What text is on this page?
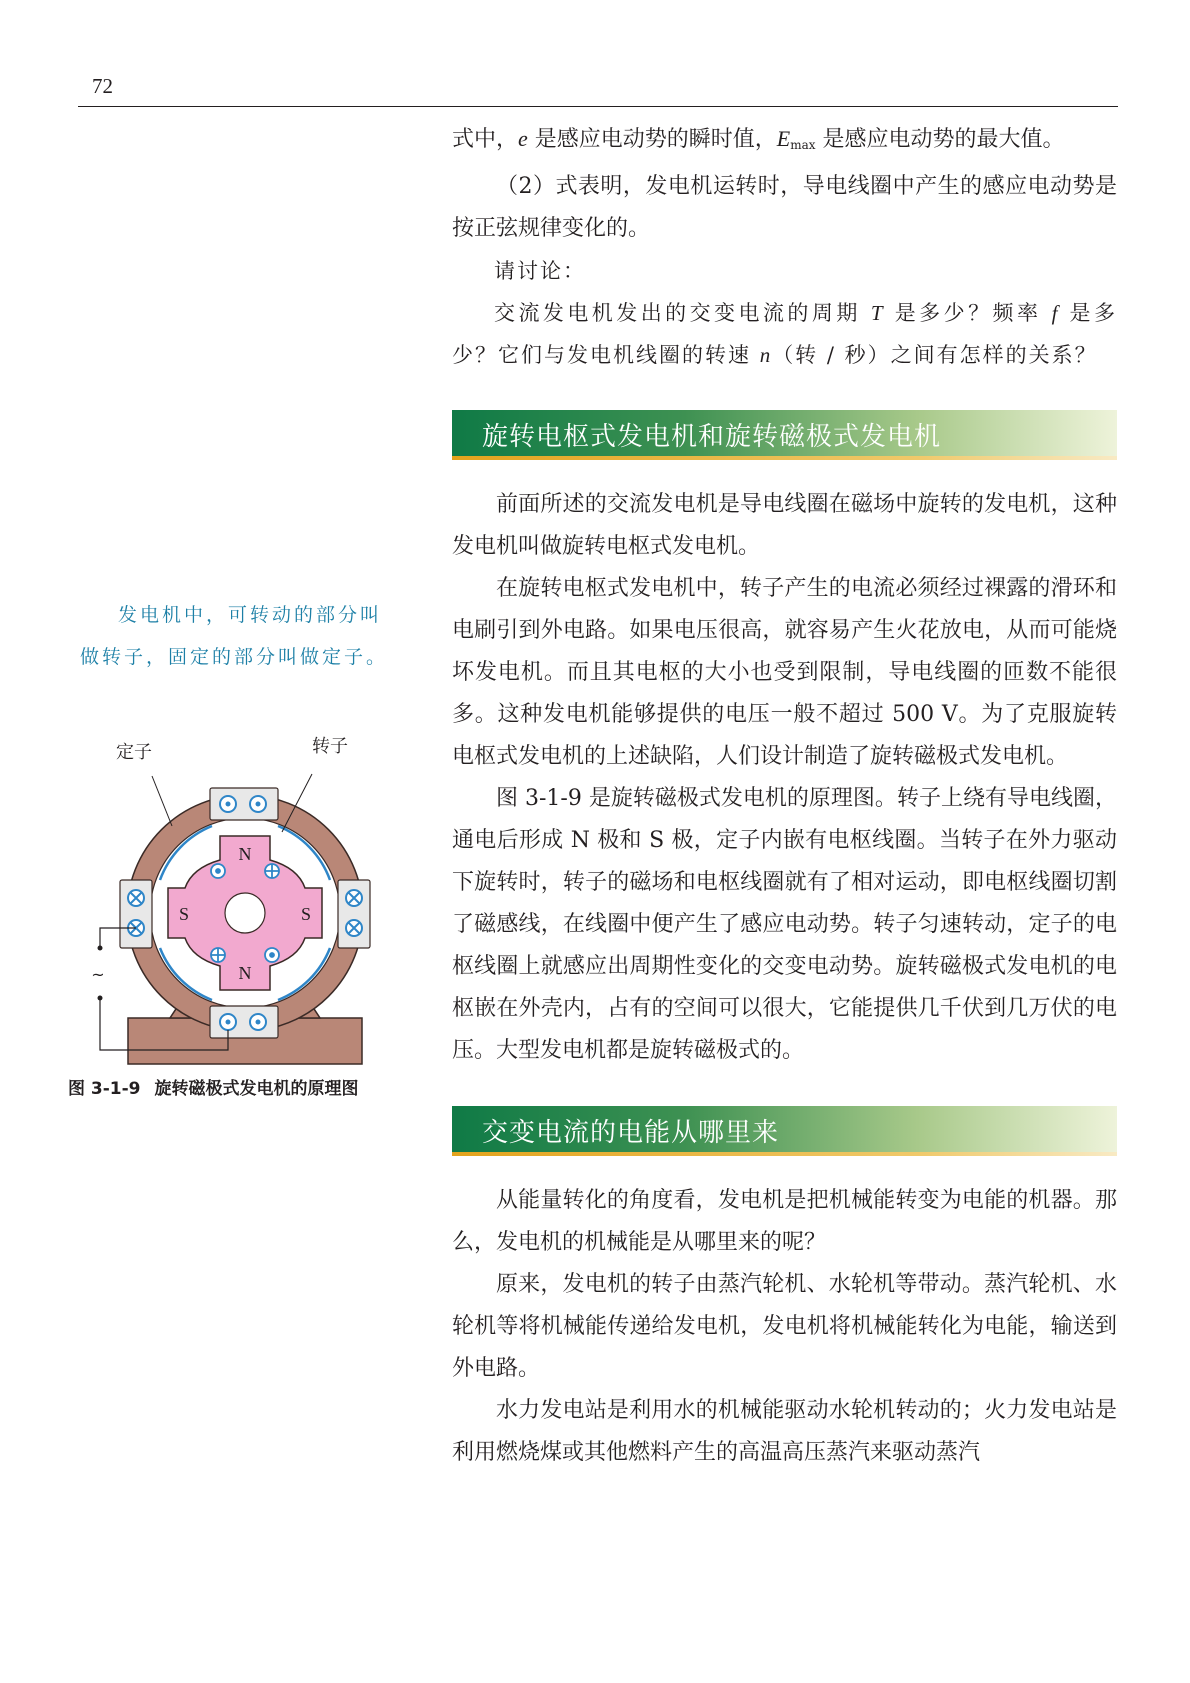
72

式中，e 是感应电动势的瞬时值，$E_{max}$ 是感应电动势的最大值。

（2）式表明，发电机运转时，导电线圈中产生的感应电动势是按正弦规律变化的。

请讨论：

交流发电机发出的交变电流的周期 T 是多少？频率 f 是多少？它们与发电机线圈的转速 n（转 / 秒）之间有怎样的关系？

旋转电枢式发电机和旋转磁极式发电机

前面所述的交流发电机是导电线圈在磁场中旋转的发电机，这种发电机叫做旋转电枢式发电机。

在旋转电枢式发电机中，转子产生的电流必须经过裸露的滑环和电刷引到外电路。如果电压很高，就容易产生火花放电，从而可能烧坏发电机。而且其电枢的大小也受到限制，导电线圈的匝数不能很多。这种发电机能够提供的电压一般不超过 500 V。为了克服旋转电枢式发电机的上述缺陷，人们设计制造了旋转磁极式发电机。

图 3-1-9 是旋转磁极式发电机的原理图。转子上绕有导电线圈，通电后形成 N 极和 S 极，定子内嵌有电枢线圈。当转子在外力驱动下旋转时，转子的磁场和电枢线圈就有了相对运动，即电枢线圈切割了磁感线，在线圈中便产生了感应电动势。转子匀速转动，定子的电枢线圈上就感应出周期性变化的交变电动势。旋转磁极式发电机的电枢嵌在外壳内，占有的空间可以很大，它能提供几千伏到几万伏的电压。大型发电机都是旋转磁极式的。

交变电流的电能从哪里来

从能量转化的角度看，发电机是把机械能转变为电能的机器。那么，发电机的机械能是从哪里来的呢？

原来，发电机的转子由蒸汽轮机、水轮机等带动。蒸汽轮机、水轮机等将机械能传递给发电机，发电机将机械能转化为电能，输送到外电路。

水力发电站是利用水的机械能驱动水轮机转动的；火力发电站是利用燃烧煤或其他燃料产生的高温高压蒸汽来驱动蒸汽

发电机中，可转动的部分叫做转子，固定的部分叫做定子。

N
N
S	S
~
定子	转子
图 3-1-9 旋转磁极式发电机的原理图
